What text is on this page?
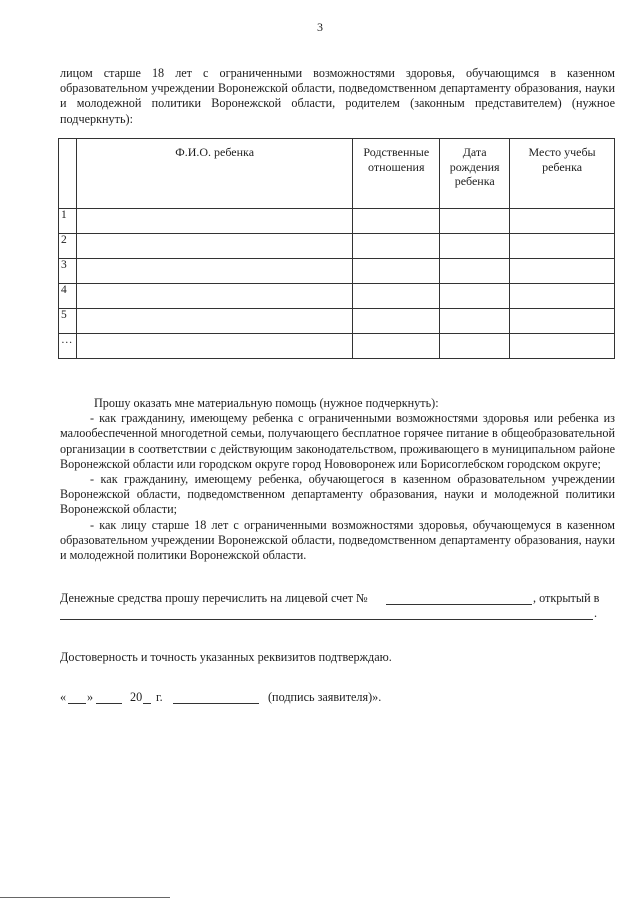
3
лицом старше 18 лет с ограниченными возможностями здоровья, обучающимся в казенном образовательном учреждении Воронежской области, подведомственном департаменту образования, науки и молодежной политики Воронежской области, родителем (законным представителем) (нужное подчеркнуть):
	Ф.И.О. ребенка	Родственные отношения	Дата рождения ребенка	Место учебы ребенка
1				
2				
3				
4				
5				
…				

Прошу оказать мне материальную помощь (нужное подчеркнуть):

- как гражданину, имеющему ребенка с ограниченными возможностями здоровья или ребенка из малообеспеченной многодетной семьи, получающего бесплатное горячее питание в общеобразовательной организации в соответствии с действующим законодательством, проживающего в муниципальном районе Воронежской области или городском округе город Нововоронеж или Борисоглебском городском округе;

- как гражданину, имеющему ребенка, обучающегося в казенном образовательном учреждении Воронежской области, подведомственном департаменту образования, науки и молодежной политики Воронежской области;

- как лицу старше 18 лет с ограниченными возможностями здоровья, обучающемуся в казенном образовательном учреждении Воронежской области, подведомственном департаменту образования, науки и молодежной политики Воронежской области.

Денежные средства прошу перечислить на лицевой счет №	, открытый в
.
Достоверность и точность указанных реквизитов подтверждаю.
« »	20 г.	(подпись заявителя)».
